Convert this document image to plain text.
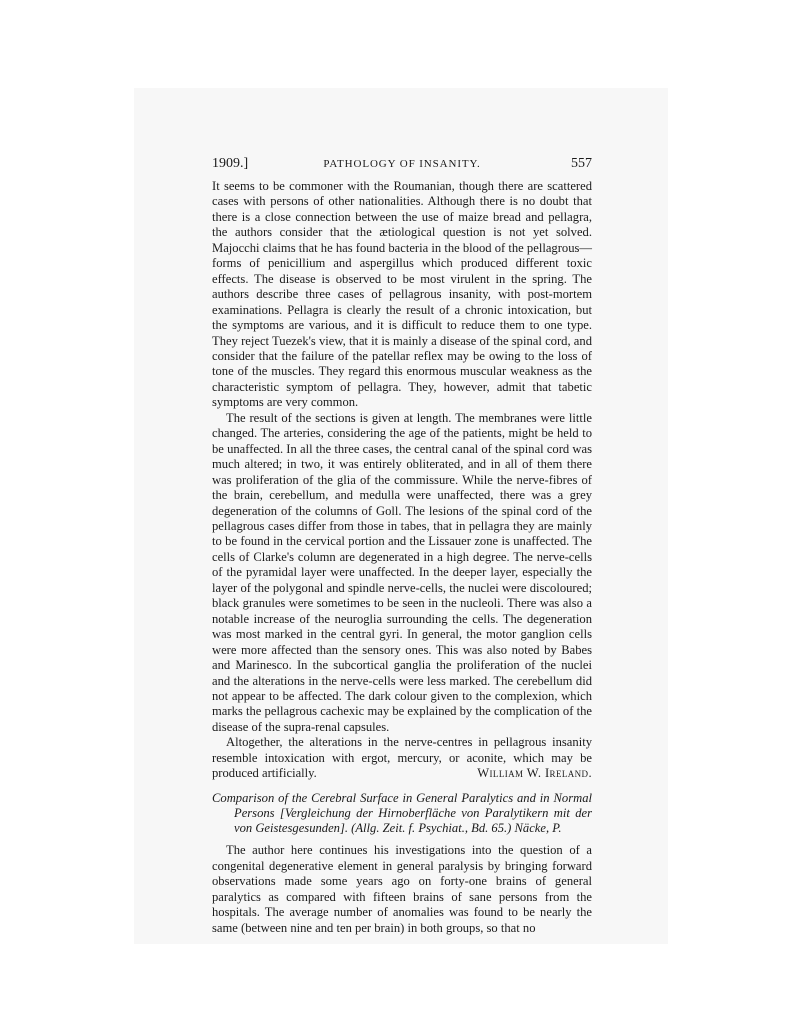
1909.]	PATHOLOGY OF INSANITY.	557

It seems to be commoner with the Roumanian, though there are scattered cases with persons of other nationalities. Although there is no doubt that there is a close connection between the use of maize bread and pellagra, the authors consider that the ætiological question is not yet solved. Majocchi claims that he has found bacteria in the blood of the pellagrous—forms of penicillium and aspergillus which produced different toxic effects. The disease is observed to be most virulent in the spring. The authors describe three cases of pellagrous insanity, with post-mortem examinations. Pellagra is clearly the result of a chronic intoxication, but the symptoms are various, and it is difficult to reduce them to one type. They reject Tuezek's view, that it is mainly a disease of the spinal cord, and consider that the failure of the patellar reflex may be owing to the loss of tone of the muscles. They regard this enormous muscular weakness as the characteristic symptom of pellagra. They, however, admit that tabetic symptoms are very common.

The result of the sections is given at length. The membranes were little changed. The arteries, considering the age of the patients, might be held to be unaffected. In all the three cases, the central canal of the spinal cord was much altered; in two, it was entirely obliterated, and in all of them there was proliferation of the glia of the commissure. While the nerve-fibres of the brain, cerebellum, and medulla were unaffected, there was a grey degeneration of the columns of Goll. The lesions of the spinal cord of the pellagrous cases differ from those in tabes, that in pellagra they are mainly to be found in the cervical portion and the Lissauer zone is unaffected. The cells of Clarke's column are degenerated in a high degree. The nerve-cells of the pyramidal layer were unaffected. In the deeper layer, especially the layer of the polygonal and spindle nerve-cells, the nuclei were discoloured; black granules were sometimes to be seen in the nucleoli. There was also a notable increase of the neuroglia surrounding the cells. The degeneration was most marked in the central gyri. In general, the motor ganglion cells were more affected than the sensory ones. This was also noted by Babes and Marinesco. In the subcortical ganglia the proliferation of the nuclei and the alterations in the nerve-cells were less marked. The cerebellum did not appear to be affected. The dark colour given to the complexion, which marks the pellagrous cachexic may be explained by the complication of the disease of the supra-renal capsules.

Altogether, the alterations in the nerve-centres in pellagrous insanity resemble intoxication with ergot, mercury, or aconite, which may be produced artificially.	William W. Ireland.

Comparison of the Cerebral Surface in General Paralytics and in Normal Persons [Vergleichung der Hirnoberfläche von Paralytikern mit der von Geistesgesunden]. (Allg. Zeit. f. Psychiat., Bd. 65.) Näcke, P.

The author here continues his investigations into the question of a congenital degenerative element in general paralysis by bringing forward observations made some years ago on forty-one brains of general paralytics as compared with fifteen brains of sane persons from the hospitals. The average number of anomalies was found to be nearly the same (between nine and ten per brain) in both groups, so that no
